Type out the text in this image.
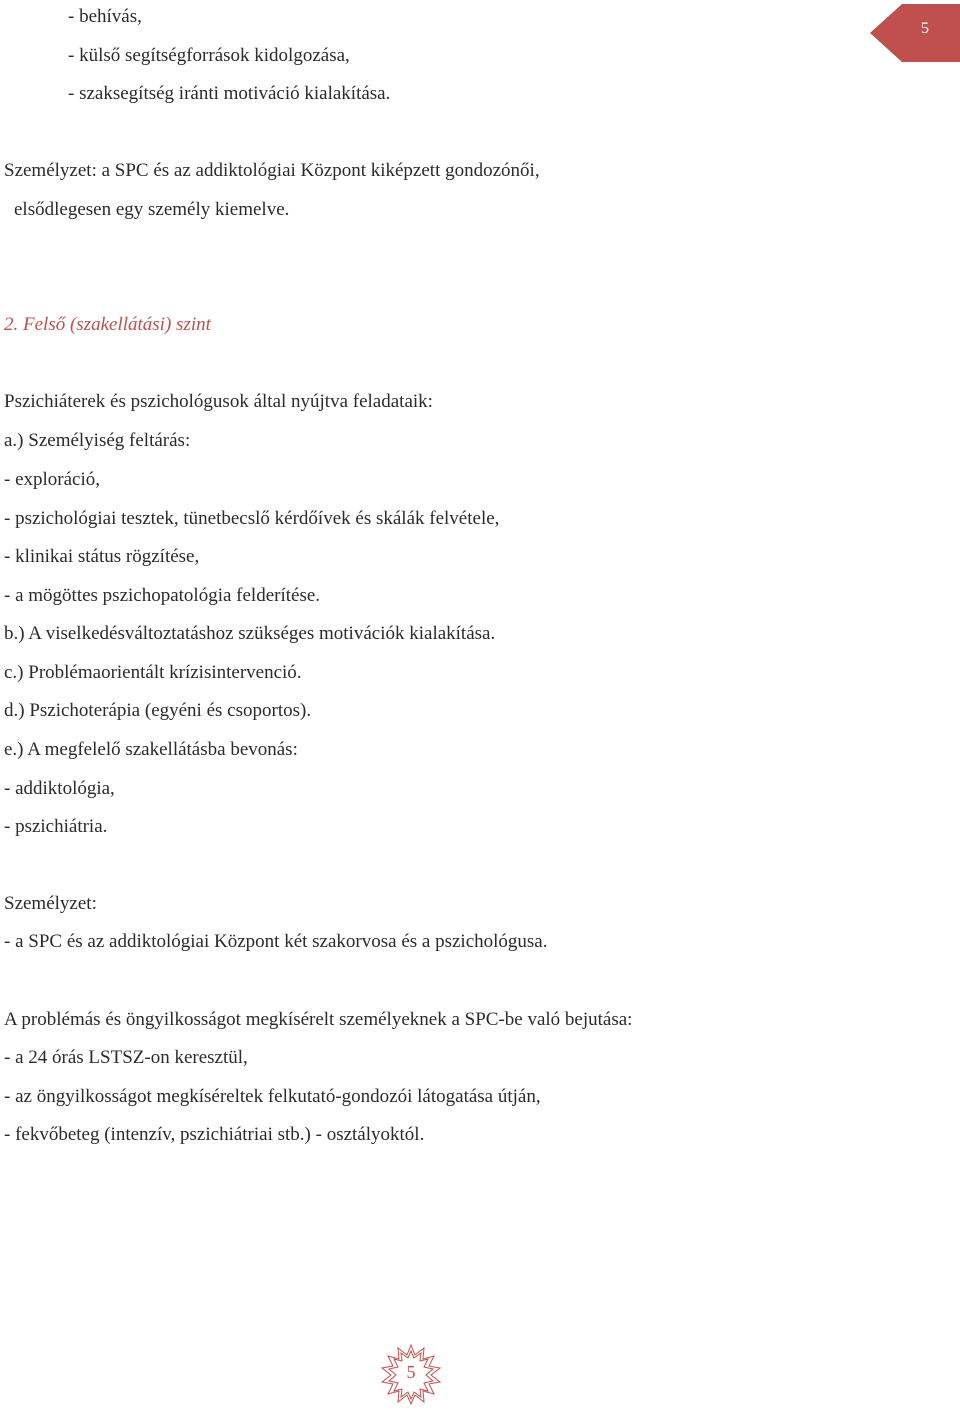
5
- behívás,
- külső segítségforrások kidolgozása,
- szaksegítség iránti motiváció kialakítása.
Személyzet: a SPC és az addiktológiai Központ kiképzett gondozónői,
elsődlegesen egy személy kiemelve.
2. Felső (szakellátási) szint
Pszichiáterek és pszichológusok által nyújtva feladataik:
a.) Személyiség feltárás:
- exploráció,
- pszichológiai tesztek, tünetbecslő kérdőívek és skálák felvétele,
- klinikai státus rögzítése,
- a mögöttes pszichopatológia felderítése.
b.) A viselkedésváltoztatáshoz szükséges motivációk kialakítása.
c.) Problémaorientált krízisintervenció.
d.) Pszichoterápia (egyéni és csoportos).
e.) A megfelelő szakellátásba bevonás:
- addiktológia,
- pszichiátria.
Személyzet:
- a SPC és az addiktológiai Központ két szakorvosa és a pszichológusa.
A problémás és öngyilkosságot megkísérelt személyeknek a SPC-be való bejutása:
- a 24 órás LSTSZ-on keresztül,
- az öngyilkosságot megkíséreltek felkutató-gondozói látogatása útján,
- fekvőbeteg (intenzív, pszichiátriai stb.) - osztályoktól.
5
